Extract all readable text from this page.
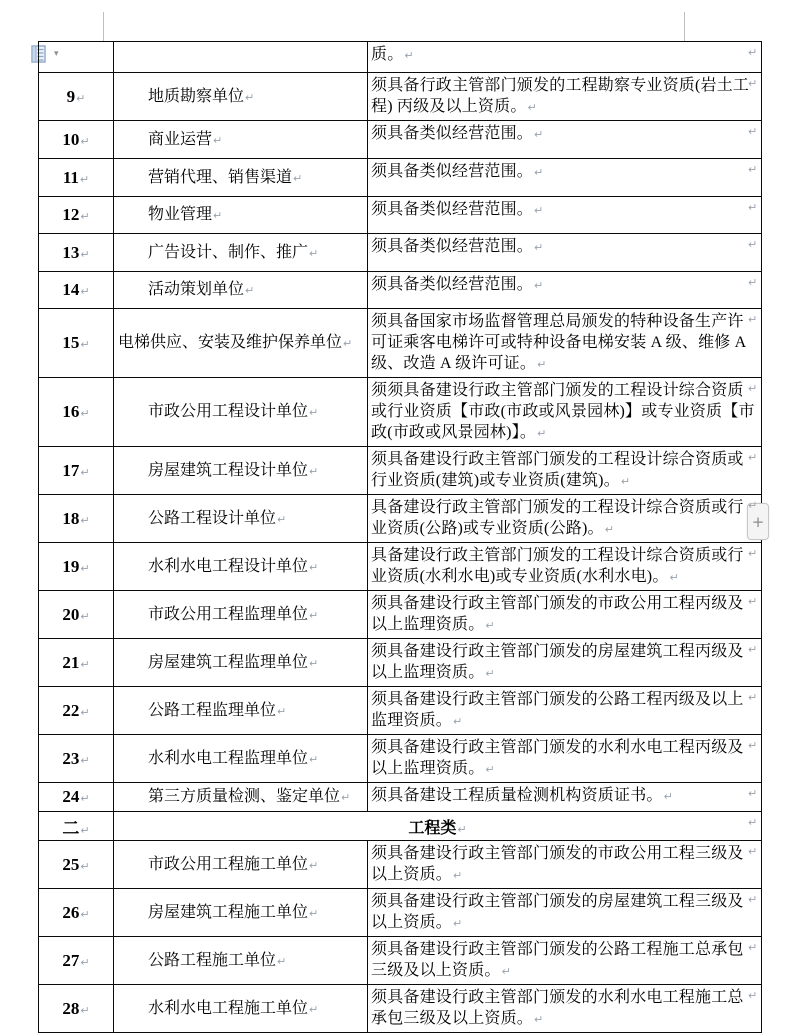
▾
			质。↵
9↵	地质勘察单位↵	须具备行政主管部门颁发的工程勘察专业资质(岩土工程) 丙级及以上资质。↵
10↵	商业运营↵	须具备类似经营范围。↵
11↵	营销代理、销售渠道↵	须具备类似经营范围。↵
12↵	物业管理↵	须具备类似经营范围。↵
13↵	广告设计、制作、推广↵	须具备类似经营范围。↵
14↵	活动策划单位↵	须具备类似经营范围。↵
15↵	电梯供应、安装及维护保养单位↵	须具备国家市场监督管理总局颁发的特种设备生产许可证乘客电梯许可或特种设备电梯安装 A 级、维修 A 级、改造 A 级许可证。↵
16↵	市政公用工程设计单位↵	须须具备建设行政主管部门颁发的工程设计综合资质或行业资质【市政(市政或风景园林)】或专业资质【市政(市政或风景园林)】。↵
17↵	房屋建筑工程设计单位↵	须具备建设行政主管部门颁发的工程设计综合资质或行业资质(建筑)或专业资质(建筑)。↵
18↵	公路工程设计单位↵	具备建设行政主管部门颁发的工程设计综合资质或行业资质(公路)或专业资质(公路)。↵
19↵	水利水电工程设计单位↵	具备建设行政主管部门颁发的工程设计综合资质或行业资质(水利水电)或专业资质(水利水电)。↵
20↵	市政公用工程监理单位↵	须具备建设行政主管部门颁发的市政公用工程丙级及以上监理资质。↵
21↵	房屋建筑工程监理单位↵	须具备建设行政主管部门颁发的房屋建筑工程丙级及以上监理资质。↵
22↵	公路工程监理单位↵	须具备建设行政主管部门颁发的公路工程丙级及以上监理资质。↵
23↵	水利水电工程监理单位↵	须具备建设行政主管部门颁发的水利水电工程丙级及以上监理资质。↵
24↵	第三方质量检测、鉴定单位↵	须具备建设工程质量检测机构资质证书。↵
二↵	工程类↵	
25↵	市政公用工程施工单位↵	须具备建设行政主管部门颁发的市政公用工程三级及以上资质。↵
26↵	房屋建筑工程施工单位↵	须具备建设行政主管部门颁发的房屋建筑工程三级及以上资质。↵
27↵	公路工程施工单位↵	须具备建设行政主管部门颁发的公路工程施工总承包三级及以上资质。↵
28↵	水利水电工程施工单位↵	须具备建设行政主管部门颁发的水利水电工程施工总承包三级及以上资质。↵
+
↵
↵
↵
↵
↵
↵
↵
↵
↵
↵
↵
↵
↵
↵
↵
↵
↵
↵
↵
↵
↵
↵
